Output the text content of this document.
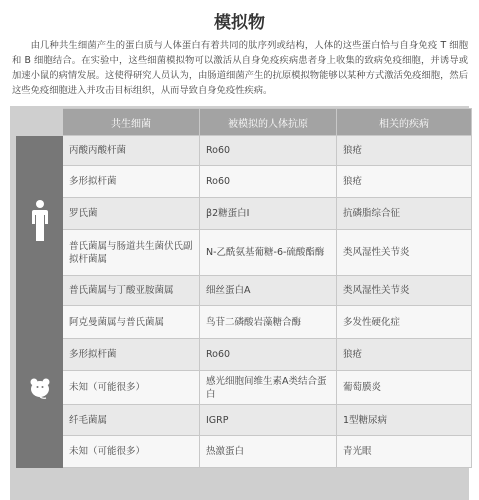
模拟物
由几种共生细菌产生的蛋白质与人体蛋白有着共同的肽序列或结构，人体的这些蛋白恰与自身免疫 T 细胞和 B 细胞结合。在实验中，这些细菌模拟物可以激活从自身免疫疾病患者身上收集的致病免疫细胞，并诱导或加速小鼠的病情发展。这使得研究人员认为，由肠道细菌产生的抗原模拟物能够以某种方式激活免疫细胞，然后这些免疫细胞进入并攻击目标组织，从而导致自身免疫性疾病。
	共生细菌	被模拟的人体抗原	相关的疾病

	丙酸丙酸杆菌	Ro60	狼疮
	多形拟杆菌	Ro60	狼疮
	罗氏菌	β2糖蛋白I	抗磷脂综合征
	普氏菌属与肠道共生菌伏氏副拟杆菌属	N-乙酰氨基葡糖-6-硫酸酯酶	类风湿性关节炎
	普氏菌属与丁酸亚胺菌属	细丝蛋白A	类风湿性关节炎

	阿克曼菌属与普氏菌属	鸟苷二磷酸岩藻糖合酶	多发性硬化症
	多形拟杆菌	Ro60	狼疮
	未知（可能很多）	感光细胞间维生素A类结合蛋白	葡萄膜炎
	纤毛菌属	IGRP	1型糖尿病
	未知（可能很多）	热激蛋白	青光眼
